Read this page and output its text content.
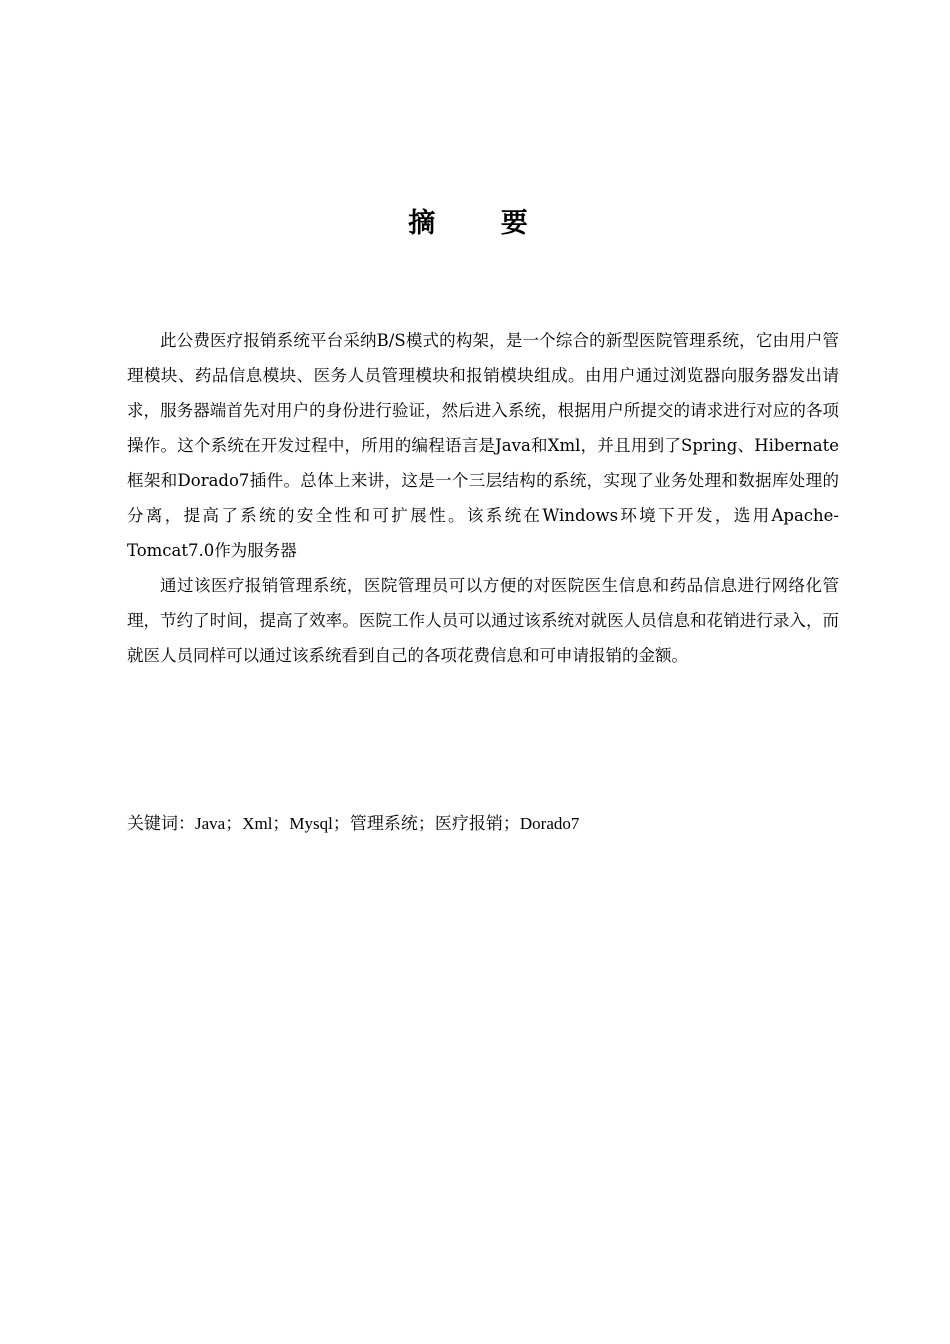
摘 要

此公费医疗报销系统平台采纳B/S模式的构架，是一个综合的新型医院管理系统，它由用户管理模块、药品信息模块、医务人员管理模块和报销模块组成。由用户通过浏览器向服务器发出请求，服务器端首先对用户的身份进行验证，然后进入系统，根据用户所提交的请求进行对应的各项操作。这个系统在开发过程中，所用的编程语言是Java和Xml，并且用到了Spring、Hibernate框架和Dorado7插件。总体上来讲，这是一个三层结构的系统，实现了业务处理和数据库处理的分离，提高了系统的安全性和可扩展性。该系统在Windows环境下开发，选用Apache-Tomcat7.0作为服务器

通过该医疗报销管理系统，医院管理员可以方便的对医院医生信息和药品信息进行网络化管理，节约了时间，提高了效率。医院工作人员可以通过该系统对就医人员信息和花销进行录入，而就医人员同样可以通过该系统看到自己的各项花费信息和可申请报销的金额。

关键词：Java；Xml；Mysql；管理系统；医疗报销；Dorado7
